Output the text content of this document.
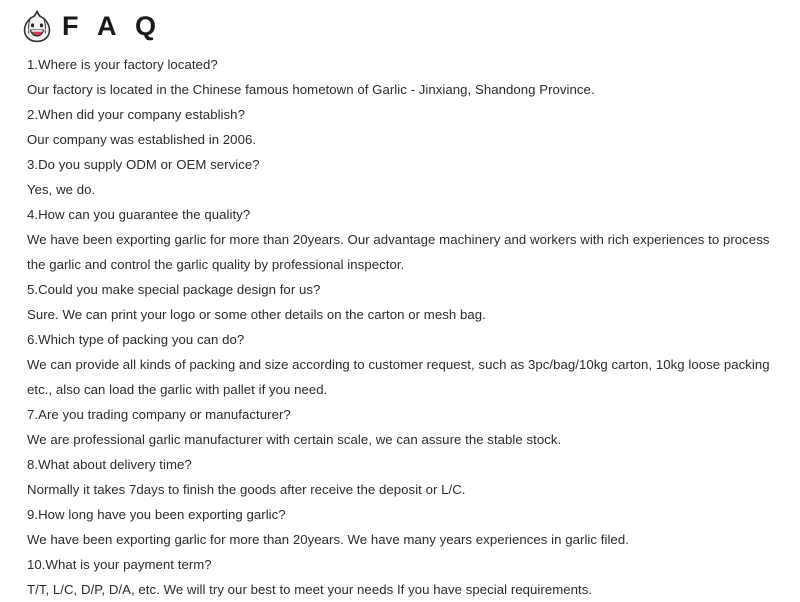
F A Q
1.Where is your factory located?
Our factory is located in the Chinese famous hometown of Garlic - Jinxiang, Shandong Province.
2.When did your company establish?
Our company was established in 2006.
3.Do you supply ODM or OEM service?
Yes, we do.
4.How can you guarantee the quality?
We have been exporting garlic for more than 20years. Our advantage machinery and workers with rich experiences to process the garlic and control the garlic quality by professional inspector.
5.Could you make special package design for us?
Sure. We can print your logo or some other details on the carton or mesh bag.
6.Which type of packing you can do?
We can provide all kinds of packing and size according to customer request, such as 3pc/bag/10kg carton, 10kg loose packing etc., also can load the garlic with pallet if you need.
7.Are you trading company or manufacturer?
We are professional garlic manufacturer with certain scale, we can assure the stable stock.
8.What about delivery time?
Normally it takes 7days to finish the goods after receive the deposit or L/C.
9.How long have you been exporting garlic?
We have been exporting garlic for more than 20years. We have many years experiences in garlic filed.
10.What is your payment term?
T/T, L/C, D/P, D/A, etc. We will try our best to meet your needs If you have special requirements.
